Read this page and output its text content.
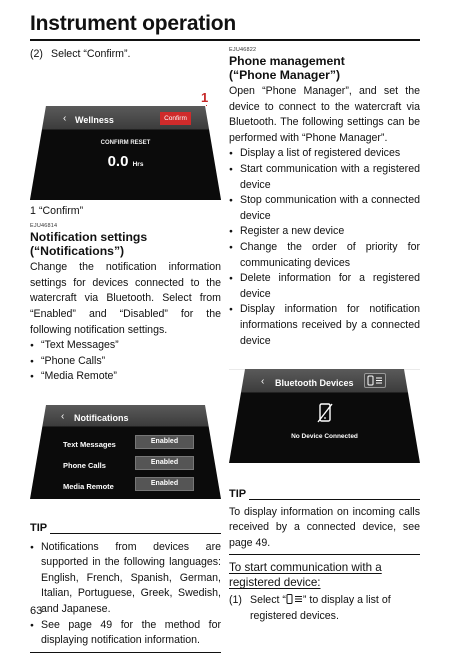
Instrument operation
(2) Select “Confirm”.
1
‹ Wellness	Confirm
CONFIRM RESET
0.0 Hrs
1 “Confirm”
EJU46814
Notification settings (“Notifications”)

Change the notification information settings for devices connected to the watercraft via Bluetooth. Select from “Enabled” and “Disabled” for the following notification settings.

● “Text Messages”
● “Phone Calls”
● “Media Remote”
‹ Notifications
Text Messages	Enabled
Phone Calls	Enabled
Media Remote	Enabled
TIP
● Notifications from devices are supported in the following languages: English, French, Spanish, German, Italian, Portuguese, Greek, Swedish, and Japanese.
● See page 49 for the method for displaying notification information.
EJU46822
Phone management
(“Phone Manager”)

Open “Phone Manager”, and set the device to connect to the watercraft via Bluetooth. The following settings can be performed with “Phone Manager”.

● Display a list of registered devices
● Start communication with a registered device
● Stop communication with a connected device
● Register a new device
● Change the order of priority for communicating devices
● Delete information for a registered device
● Display information for notification informations received by a connected device
‹ Bluetooth Devices
No Device Connected
TIP

To display information on incoming calls received by a connected device, see page 49.

To start communication with a registered device:
(1) Select “ ” to display a list of registered devices.
63
